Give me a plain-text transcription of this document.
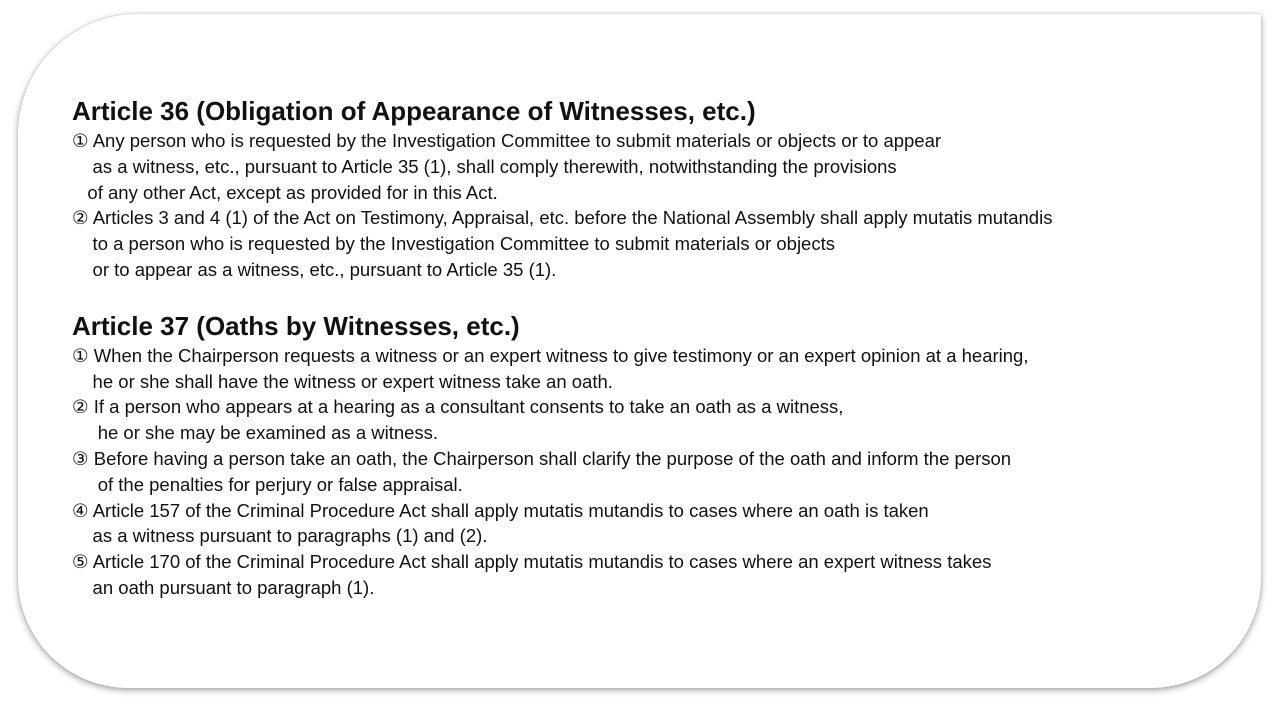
Article 36 (Obligation of Appearance of Witnesses, etc.)
① Any person who is requested by the Investigation Committee to submit materials or objects or to appear
as a witness, etc., pursuant to Article 35 (1), shall comply therewith, notwithstanding the provisions
of any other Act, except as provided for in this Act.
② Articles 3 and 4 (1) of the Act on Testimony, Appraisal, etc. before the National Assembly shall apply mutatis mutandis
to a person who is requested by the Investigation Committee to submit materials or objects
or to appear as a witness, etc., pursuant to Article 35 (1).
Article 37 (Oaths by Witnesses, etc.)
① When the Chairperson requests a witness or an expert witness to give testimony or an expert opinion at a hearing,
he or she shall have the witness or expert witness take an oath.
② If a person who appears at a hearing as a consultant consents to take an oath as a witness,
he or she may be examined as a witness.
③ Before having a person take an oath, the Chairperson shall clarify the purpose of the oath and inform the person
of the penalties for perjury or false appraisal.
④ Article 157 of the Criminal Procedure Act shall apply mutatis mutandis to cases where an oath is taken
as a witness pursuant to paragraphs (1) and (2).
⑤ Article 170 of the Criminal Procedure Act shall apply mutatis mutandis to cases where an expert witness takes
an oath pursuant to paragraph (1).
